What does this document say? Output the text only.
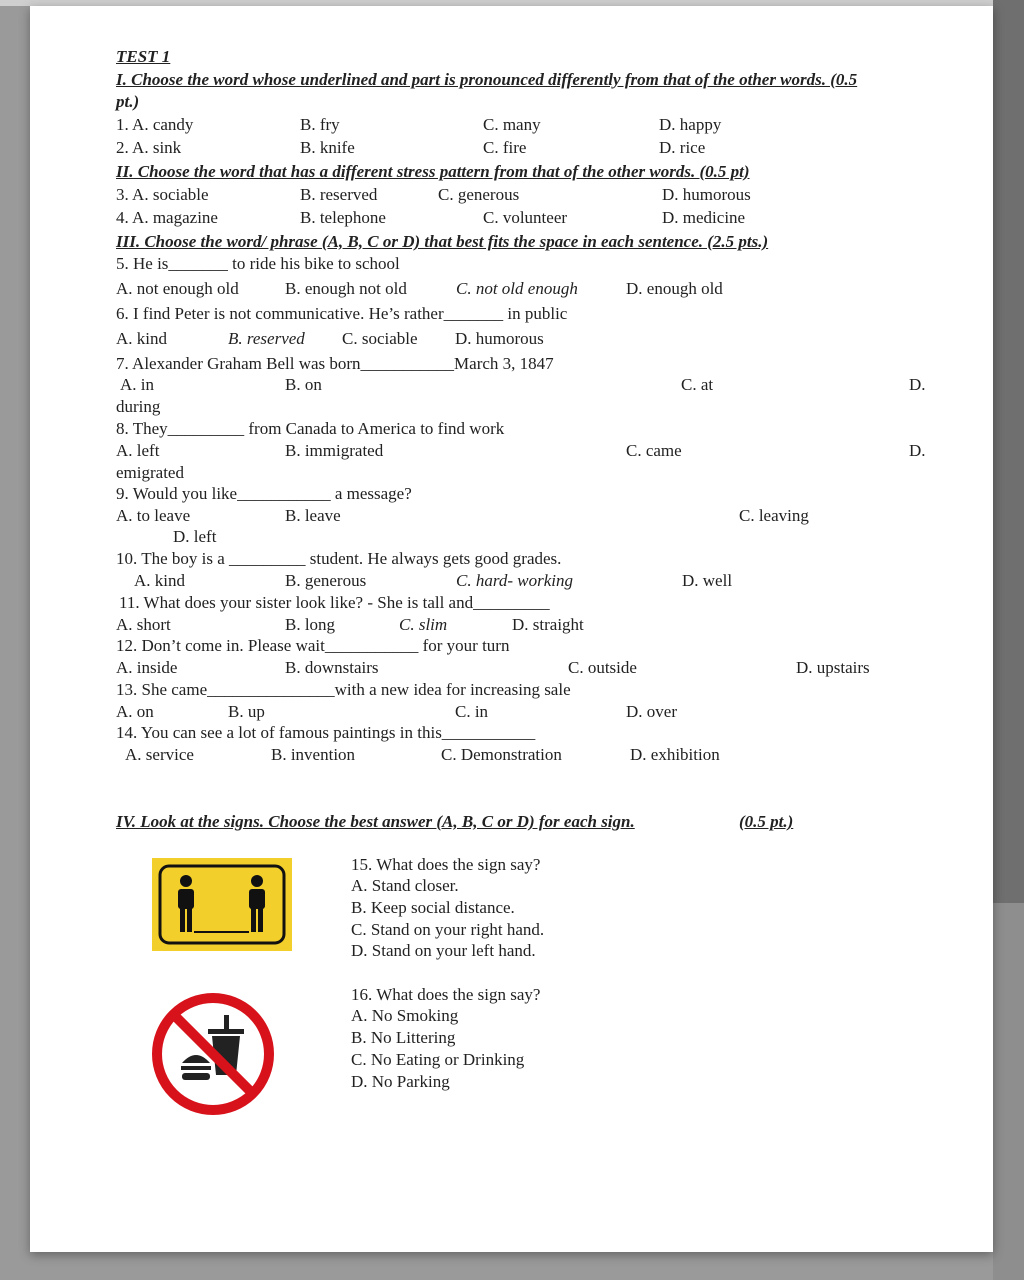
TEST 1
I. Choose the word whose underlined and part is pronounced differently from that of the other words. (0.5
pt.)
1. A. candy	B. fry	C. many	D. happy
2. A. sink	B. knife	C. fire	D. rice
II. Choose the word that has a different stress pattern from that of the other words. (0.5 pt)
3. A. sociable	B. reserved	C. generous	D. humorous
4. A. magazine	B. telephone	C. volunteer	D. medicine
III. Choose the word/ phrase (A, B, C or D) that best fits the space in each sentence. (2.5 pts.)
5. He is_______ to ride his bike to school
A. not enough old	B. enough not old	C. not old enough	D. enough old
6. I find Peter is not communicative. He’s rather_______ in public
A. kind	B. reserved C. sociable D. humorous
7. Alexander Graham Bell was born___________March 3, 1847
A. in	B. on	C. at	D.
during
8. They_________ from Canada to America to find work
A. left	B. immigrated	C. came	D.
emigrated
9. Would you like___________ a message?
A. to leave	B. leave	C. leaving
D. left
10. The boy is a _________ student. He always gets good grades.
A. kind	B. generous	C. hard- working	D. well
11. What does your sister look like? - She is tall and_________
A. short	B. long	C. slim	D. straight
12. Don’t come in. Please wait___________ for your turn
A. inside	B. downstairs	C. outside	D. upstairs
13. She came_______________with a new idea for increasing sale
A. on	B. up	C. in	D. over
14. You can see a lot of famous paintings in this___________
A. service	B. invention	C. Demonstration	D. exhibition
IV. Look at the signs. Choose the best answer (A, B, C or D) for each sign.	(0.5 pt.)
15. What does the sign say?
A. Stand closer.
B. Keep social distance.
C. Stand on your right hand.
D. Stand on your left hand.
16. What does the sign say?
A. No Smoking
B. No Littering
C. No Eating or Drinking
D. No Parking
